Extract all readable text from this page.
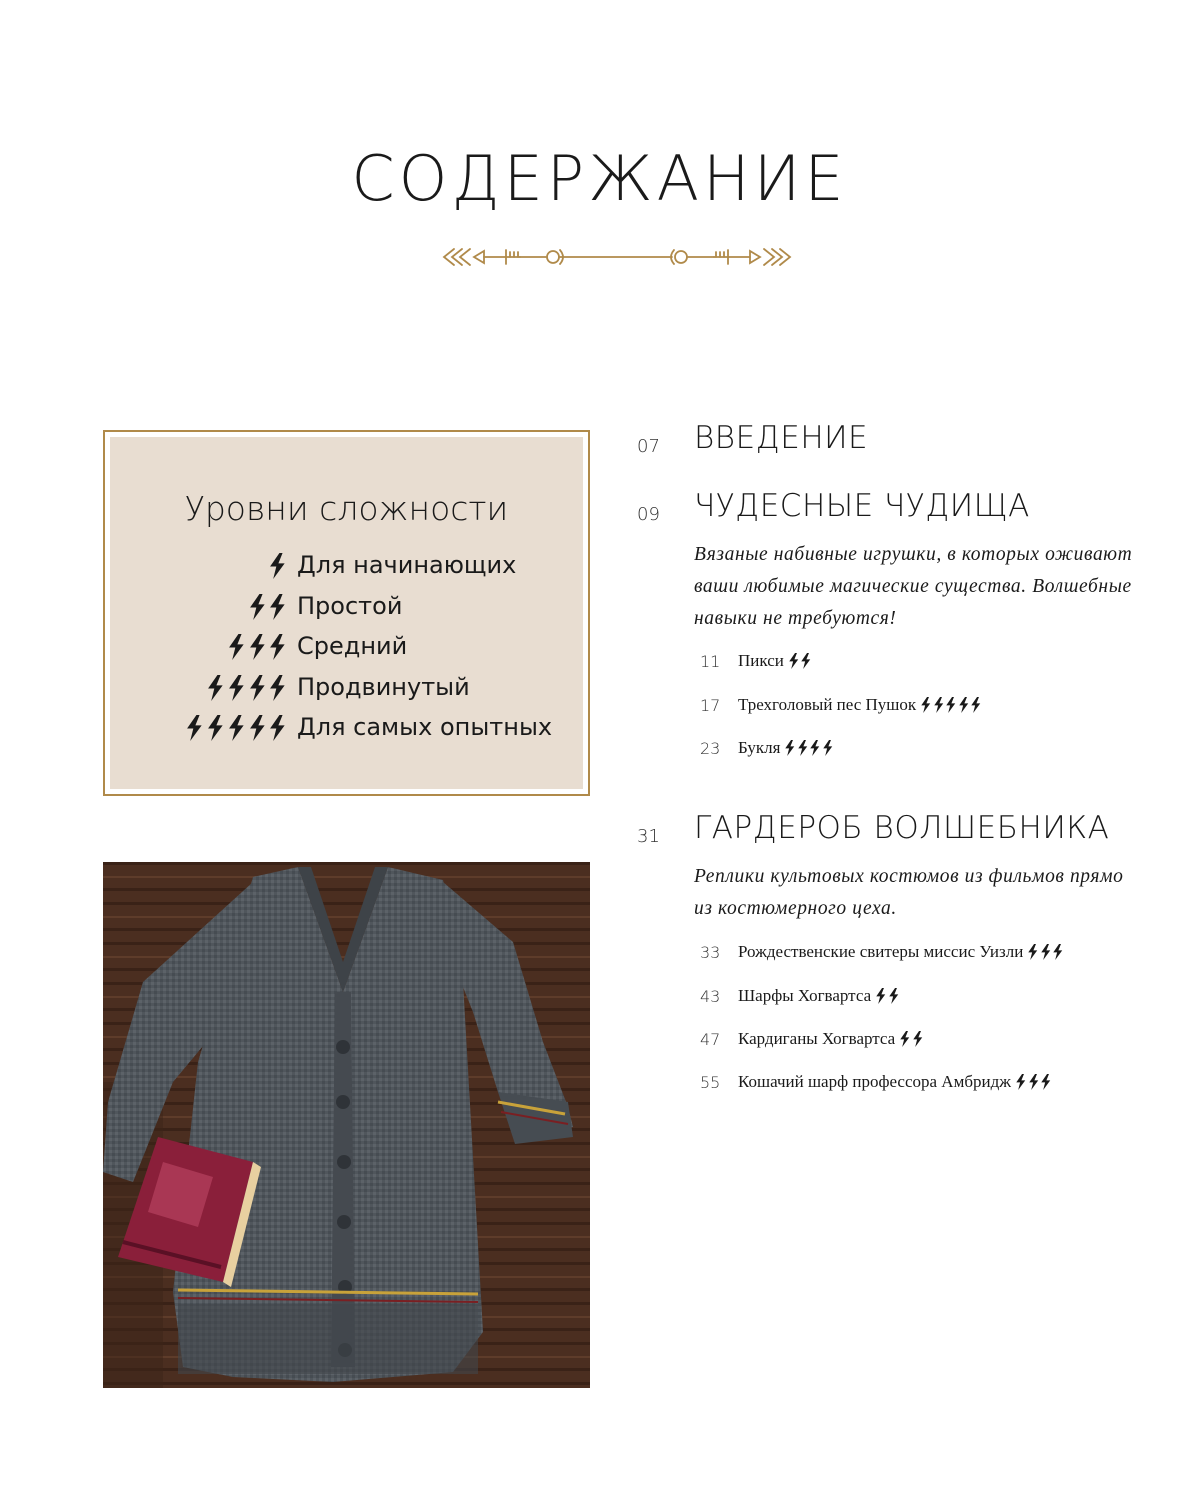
СОДЕРЖАНИЕ
Уровни сложности
Для начинающих
Простой
Средний
Продвинутый
Для самых опытных
07 ВВЕДЕНИЕ
09 ЧУДЕСНЫЕ ЧУДИЩА
Вязаные набивные игрушки, в которых оживают ваши любимые магические существа. Волшебные навыки не требуются!
11	Пикси
17	Трехголовый пес Пушок
23	Букля
31 ГАРДЕРОБ ВОЛШЕБНИКА
Реплики культовых костюмов из фильмов прямо из костюмерного цеха.
33	Рождественские свитеры миссис Уизли
43	Шарфы Хогвартса
47	Кардиганы Хогвартса
55	Кошачий шарф профессора Амбридж
